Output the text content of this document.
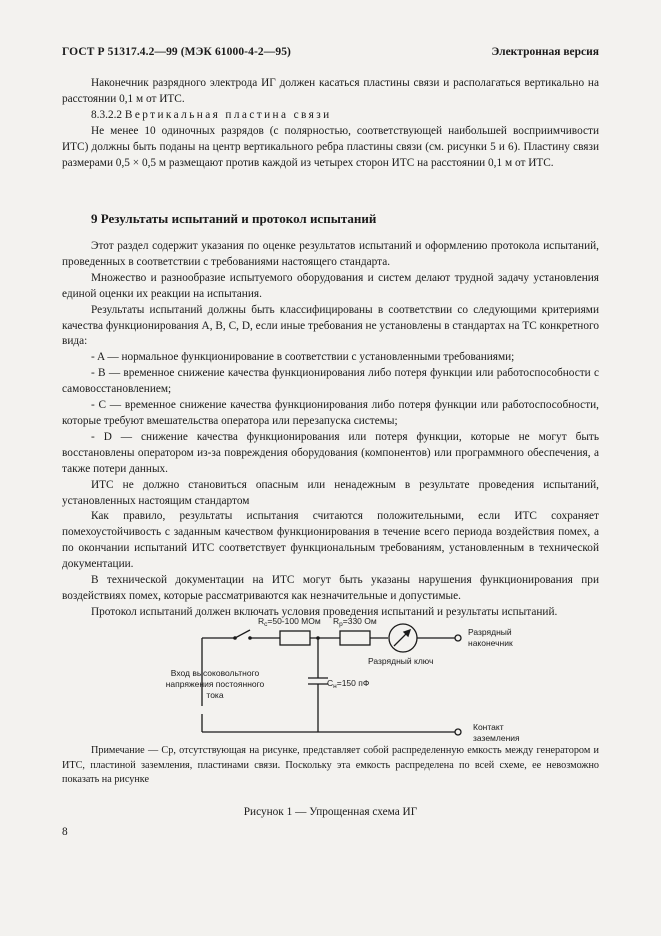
ГОСТ Р 51317.4.2—99 (МЭК 61000-4-2—95)	Электронная версия

Наконечник разрядного электрода ИГ должен касаться пластины связи и располагаться вертикально на расстоянии 0,1 м от ИТС.

8.3.2.2 Вертикальная пластина связи

Не менее 10 одиночных разрядов (с полярностью, соответствующей наибольшей восприимчивости ИТС) должны быть поданы на центр вертикального ребра пластины связи (см. рисунки 5 и 6). Пластину связи размерами 0,5 × 0,5 м размещают против каждой из четырех сторон ИТС на расстоянии 0,1 м от ИТС.

9 Результаты испытаний и протокол испытаний

Этот раздел содержит указания по оценке результатов испытаний и оформлению протокола испытаний, проведенных в соответствии с требованиями настоящего стандарта.

Множество и разнообразие испытуемого оборудования и систем делают трудной задачу установления единой оценки их реакции на испытания.

Результаты испытаний должны быть классифицированы в соответствии со следующими критериями качества функционирования A, B, C, D, если иные требования не установлены в стандартах на ТС конкретного вида:

- A — нормальное функционирование в соответствии с установленными требованиями;

- B — временное снижение качества функционирования либо потеря функции или работоспособности с самовосстановлением;

- C — временное снижение качества функционирования либо потеря функции или работоспособности, которые требуют вмешательства оператора или перезапуска системы;

- D — снижение качества функционирования или потеря функции, которые не могут быть восстановлены оператором из-за повреждения оборудования (компонентов) или программного обеспечения, а также потери данных.

ИТС не должно становиться опасным или ненадежным в результате проведения испытаний, установленных настоящим стандартом

Как правило, результаты испытания считаются положительными, если ИТС сохраняет помехоустойчивость с заданным качеством функционирования в течение всего периода воздействия помех, а по окончании испытаний ИТС соответствует функциональным требованиям, установленным в технической документации.

В технической документации на ИТС могут быть указаны нарушения функционирования при воздействиях помех, которые рассматриваются как незначительные и допустимые.

Протокол испытаний должен включать условия проведения испытаний и результаты испытаний.

$R_c=50-100$ МОм $R_p=330$ Ом
Разрядный ключ
$C_н=150$ пФ
Вход высоковольтного
напряжения постоянного
тока
Разрядный
наконечник
Контакт
заземления
Примечание — Cp, отсутствующая на рисунке, представляет собой распределенную емкость между генератором и ИТС, пластиной заземления, пластинами связи. Поскольку эта емкость распределена по всей схеме, ее невозможно показать на рисунке
Рисунок 1 — Упрощенная схема ИГ
8
